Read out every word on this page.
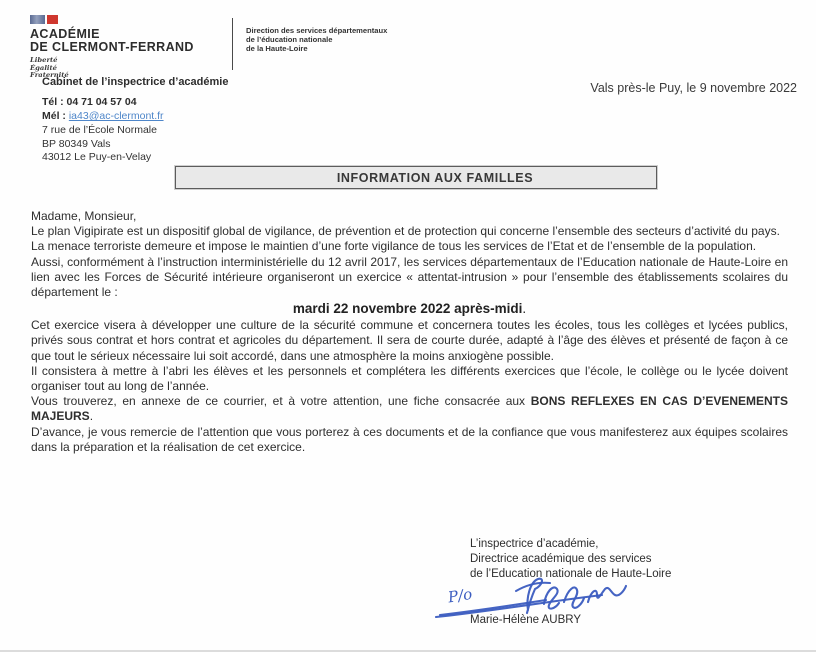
ACADÉMIE
DE CLERMONT-FERRAND
Liberté
Égalité
Fraternité
Direction des services départementaux
de l’éducation nationale
de la Haute-Loire
Cabinet de l’inspectrice d’académie	Vals près-le Puy, le 9 novembre 2022
Tél : 04 71 04 57 04
Mél : ia43@ac-clermont.fr
7 rue de l’École Normale
BP 80349 Vals
43012 Le Puy-en-Velay
INFORMATION AUX FAMILLES

Madame, Monsieur,

Le plan Vigipirate est un dispositif global de vigilance, de prévention et de protection qui concerne l’ensemble des secteurs d’activité du pays.

La menace terroriste demeure et impose le maintien d’une forte vigilance de tous les services de l’Etat et de l’ensemble de la population.

Aussi, conformément à l’instruction interministérielle du 12 avril 2017, les services départementaux de l’Education nationale de Haute-Loire en lien avec les Forces de Sécurité intérieure organiseront un exercice « attentat-intrusion » pour l’ensemble des établissements scolaires du département le :

mardi 22 novembre 2022 après-midi.

Cet exercice visera à développer une culture de la sécurité commune et concernera toutes les écoles, tous les collèges et lycées publics, privés sous contrat et hors contrat et agricoles du département. Il sera de courte durée, adapté à l’âge des élèves et présenté de façon à ce que tout le sérieux nécessaire lui soit accordé, dans une atmosphère la moins anxiogène possible.

Il consistera à mettre à l’abri les élèves et les personnels et complétera les différents exercices que l’école, le collège ou le lycée doivent organiser tout au long de l’année.

Vous trouverez, en annexe de ce courrier, et à votre attention, une fiche consacrée aux BONS REFLEXES EN CAS D’EVENEMENTS MAJEURS.

D’avance, je vous remercie de l’attention que vous porterez à ces documents et de la confiance que vous manifesterez aux équipes scolaires dans la préparation et la réalisation de cet exercice.

L’inspectrice d’académie,
Directrice académique des services
de l’Education nationale de Haute-Loire
P/o
Marie-Hélène AUBRY
